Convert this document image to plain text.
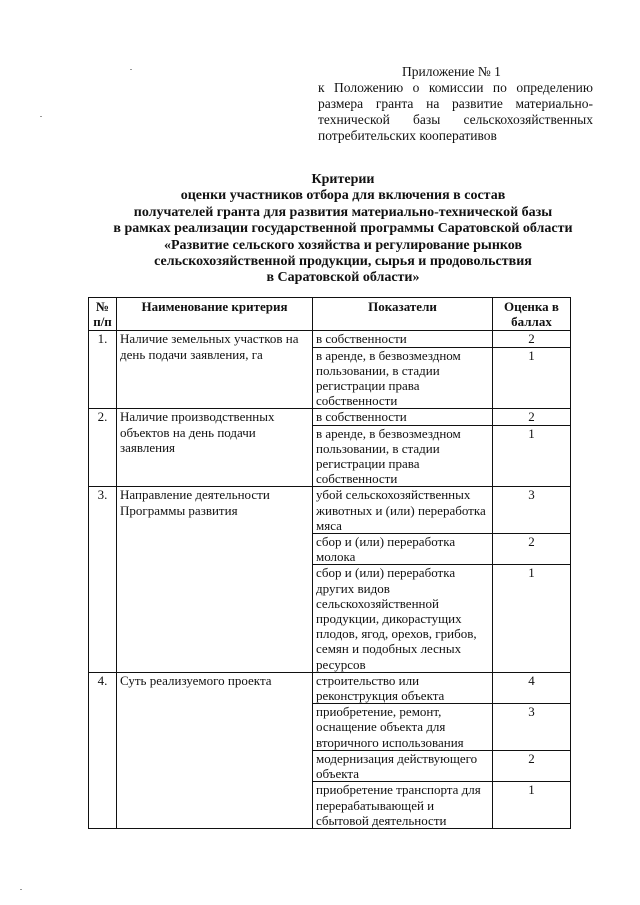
Приложение № 1
к Положению о комиссии по определению размера гранта на развитие материально-технической базы сельскохозяйственных потребительских кооперативов
Критерии
оценки участников отбора для включения в состав
получателей гранта для развития материально-технической базы
в рамках реализации государственной программы Саратовской области
«Развитие сельского хозяйства и регулирование рынков
сельскохозяйственной продукции, сырья и продовольствия
в Саратовской области»
№ п/п	Наименование критерия	Показатели	Оценка в баллах
1.	Наличие земельных участков на день подачи заявления, га	в собственности	2
		в аренде, в безвозмездном пользовании, в стадии регистрации права собственности	1
2.	Наличие производственных объектов на день подачи заявления	в собственности	2
		в аренде, в безвозмездном пользовании, в стадии регистрации права собственности	1
3.	Направление деятельности Программы развития	убой сельскохозяйственных животных и (или) переработка мяса	3
		сбор и (или) переработка молока	2
		сбор и (или) переработка других видов сельскохозяйственной продукции, дикорастущих плодов, ягод, орехов, грибов, семян и подобных лесных ресурсов	1
4.	Суть реализуемого проекта	строительство или реконструкция объекта	4
		приобретение, ремонт, оснащение объекта для вторичного использования	3
		модернизация действующего объекта	2
		приобретение транспорта для перерабатывающей и сбытовой деятельности	1
